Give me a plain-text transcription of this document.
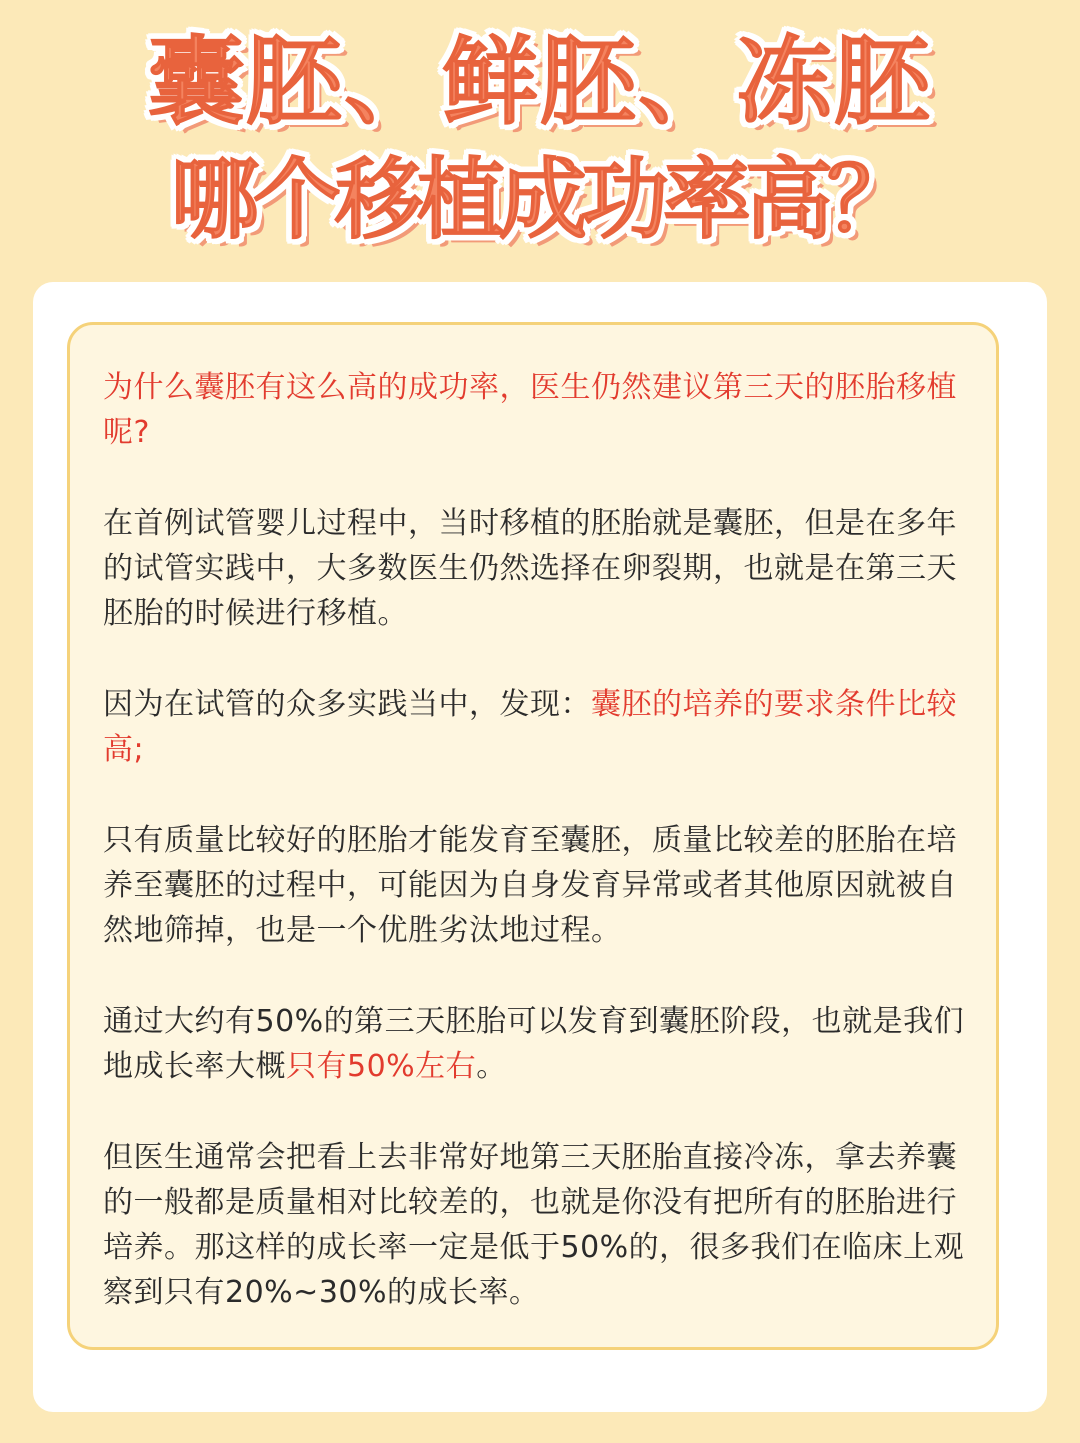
囊胚、鲜胚、冻胚
哪个移植成功率高？

为什么囊胚有这么高的成功率，医生仍然建议第三天的胚胎移植呢?

在首例试管婴儿过程中，当时移植的胚胎就是囊胚，但是在多年的试管实践中，大多数医生仍然选择在卵裂期，也就是在第三天胚胎的时候进行移植。

因为在试管的众多实践当中，发现：囊胚的培养的要求条件比较高;

只有质量比较好的胚胎才能发育至囊胚，质量比较差的胚胎在培养至囊胚的过程中，可能因为自身发育异常或者其他原因就被自然地筛掉，也是一个优胜劣汰地过程。

通过大约有50%的第三天胚胎可以发育到囊胚阶段，也就是我们地成长率大概只有50%左右。

但医生通常会把看上去非常好地第三天胚胎直接冷冻，拿去养囊的一般都是质量相对比较差的，也就是你没有把所有的胚胎进行培养。那这样的成长率一定是低于50%的，很多我们在临床上观察到只有20%~30%的成长率。
